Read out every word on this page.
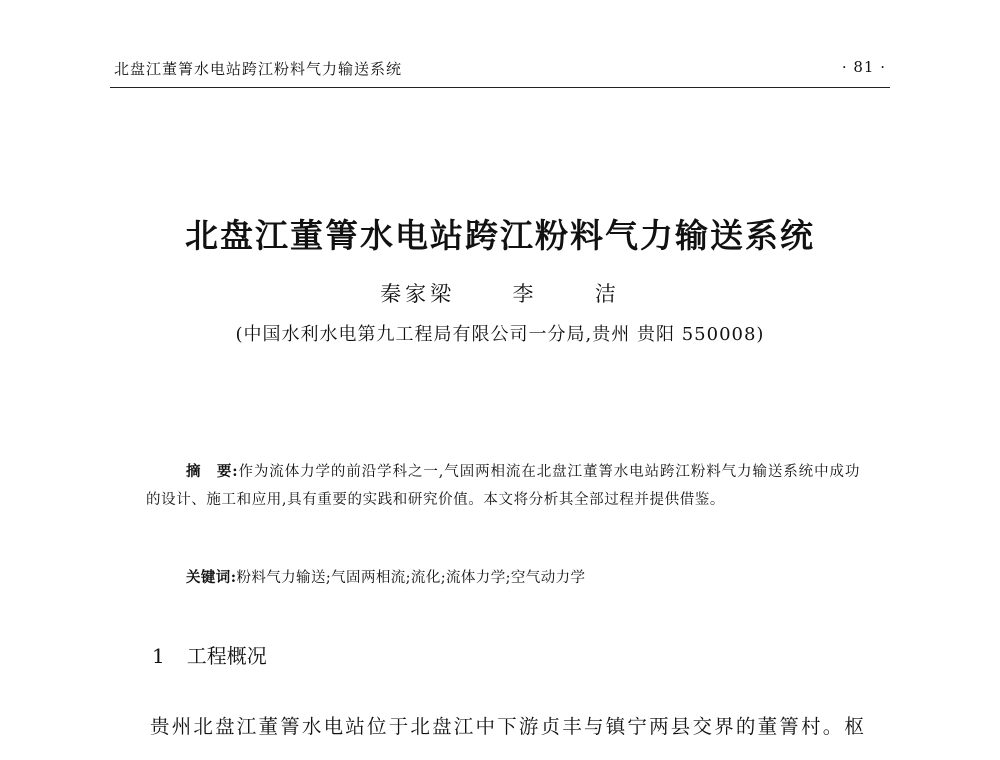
北盘江董箐水电站跨江粉料气力输送系统	· 81 ·
北盘江董箐水电站跨江粉料气力输送系统
秦家梁  李  洁
(中国水利水电第九工程局有限公司一分局,贵州 贵阳 550008)
摘　要:作为流体力学的前沿学科之一,气固两相流在北盘江董箐水电站跨江粉料气力输送系统中成功的设计、施工和应用,具有重要的实践和研究价值。本文将分析其全部过程并提供借鉴。
关键词:粉料气力输送;气固两相流;流化;流体力学;空气动力学
1 工程概况
贵州北盘江董箐水电站位于北盘江中下游贞丰与镇宁两县交界的董箐村。枢
